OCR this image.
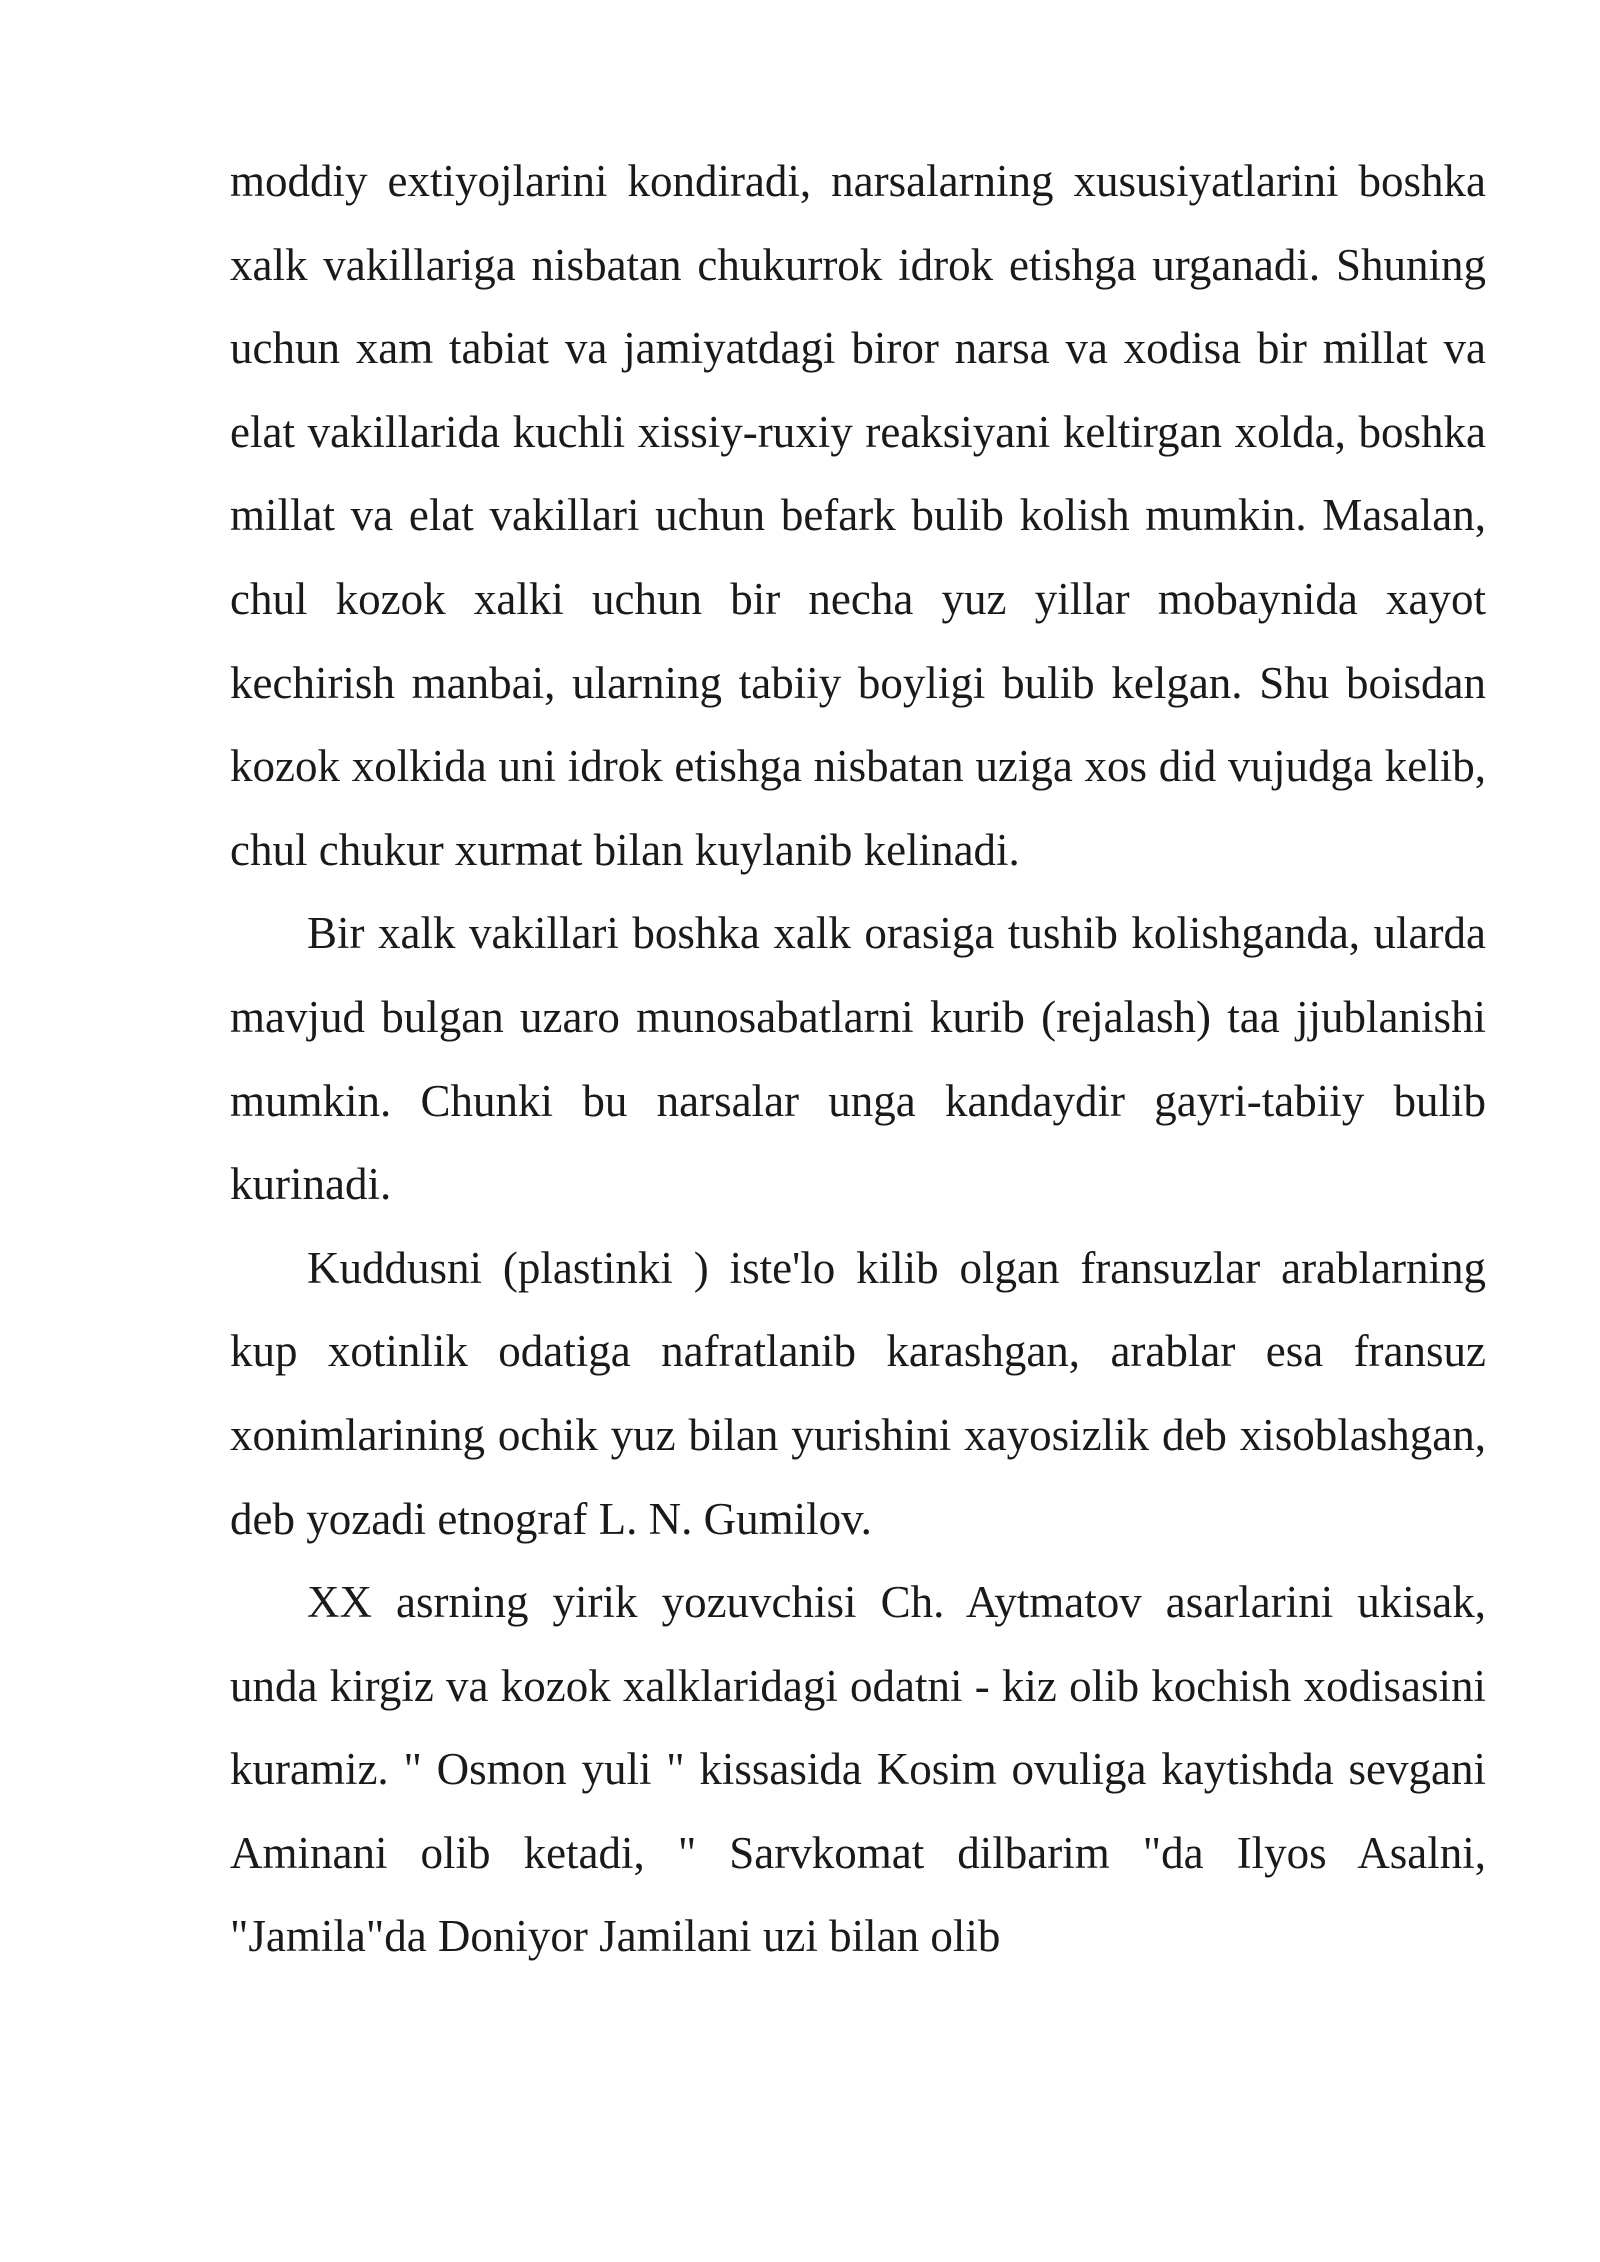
moddiy extiyojlarini kondiradi, narsalarning xususiyatlarini boshka xalk vakillariga nisbatan chukurrok idrok etishga urganadi. Shuning uchun xam tabiat va jamiyatdagi biror narsa va xodisa bir millat va elat vakillarida kuchli xissiy-ruxiy reaksiyani keltirgan xolda, boshka millat va elat vakillari uchun befark bulib kolish mumkin. Masalan, chul kozok xalki uchun bir necha yuz yillar mobaynida xayot kechirish manbai, ularning tabiiy boyligi bulib kelgan. Shu boisdan kozok xolkida uni idrok etishga nisbatan uziga xos did vujudga kelib, chul chukur xurmat bilan kuylanib kelinadi.

Bir xalk vakillari boshka xalk orasiga tushib kolishganda, ularda mavjud bulgan uzaro munosabatlarni kurib (rejalash) taa jjublanishi mumkin. Chunki bu narsalar unga kandaydir gayri-tabiiy bulib kurinadi.

Kuddusni (plastinki ) iste'lo kilib olgan fransuzlar arablarning kup xotinlik odatiga nafratlanib karashgan, arablar esa fransuz xonimlarining ochik yuz bilan yurishini xayosizlik deb xisoblashgan, deb yozadi etnograf L. N. Gumilov.

XX asrning yirik yozuvchisi Ch. Aytmatov asarlarini ukisak, unda kirgiz va kozok xalklaridagi odatni - kiz olib kochish xodisasini kuramiz. " Osmon yuli " kissasida Kosim ovuliga kaytishda sevgani Aminani olib ketadi, " Sarvkomat dilbarim "da Ilyos Asalni, "Jamila"da Doniyor Jamilani uzi bilan olib
